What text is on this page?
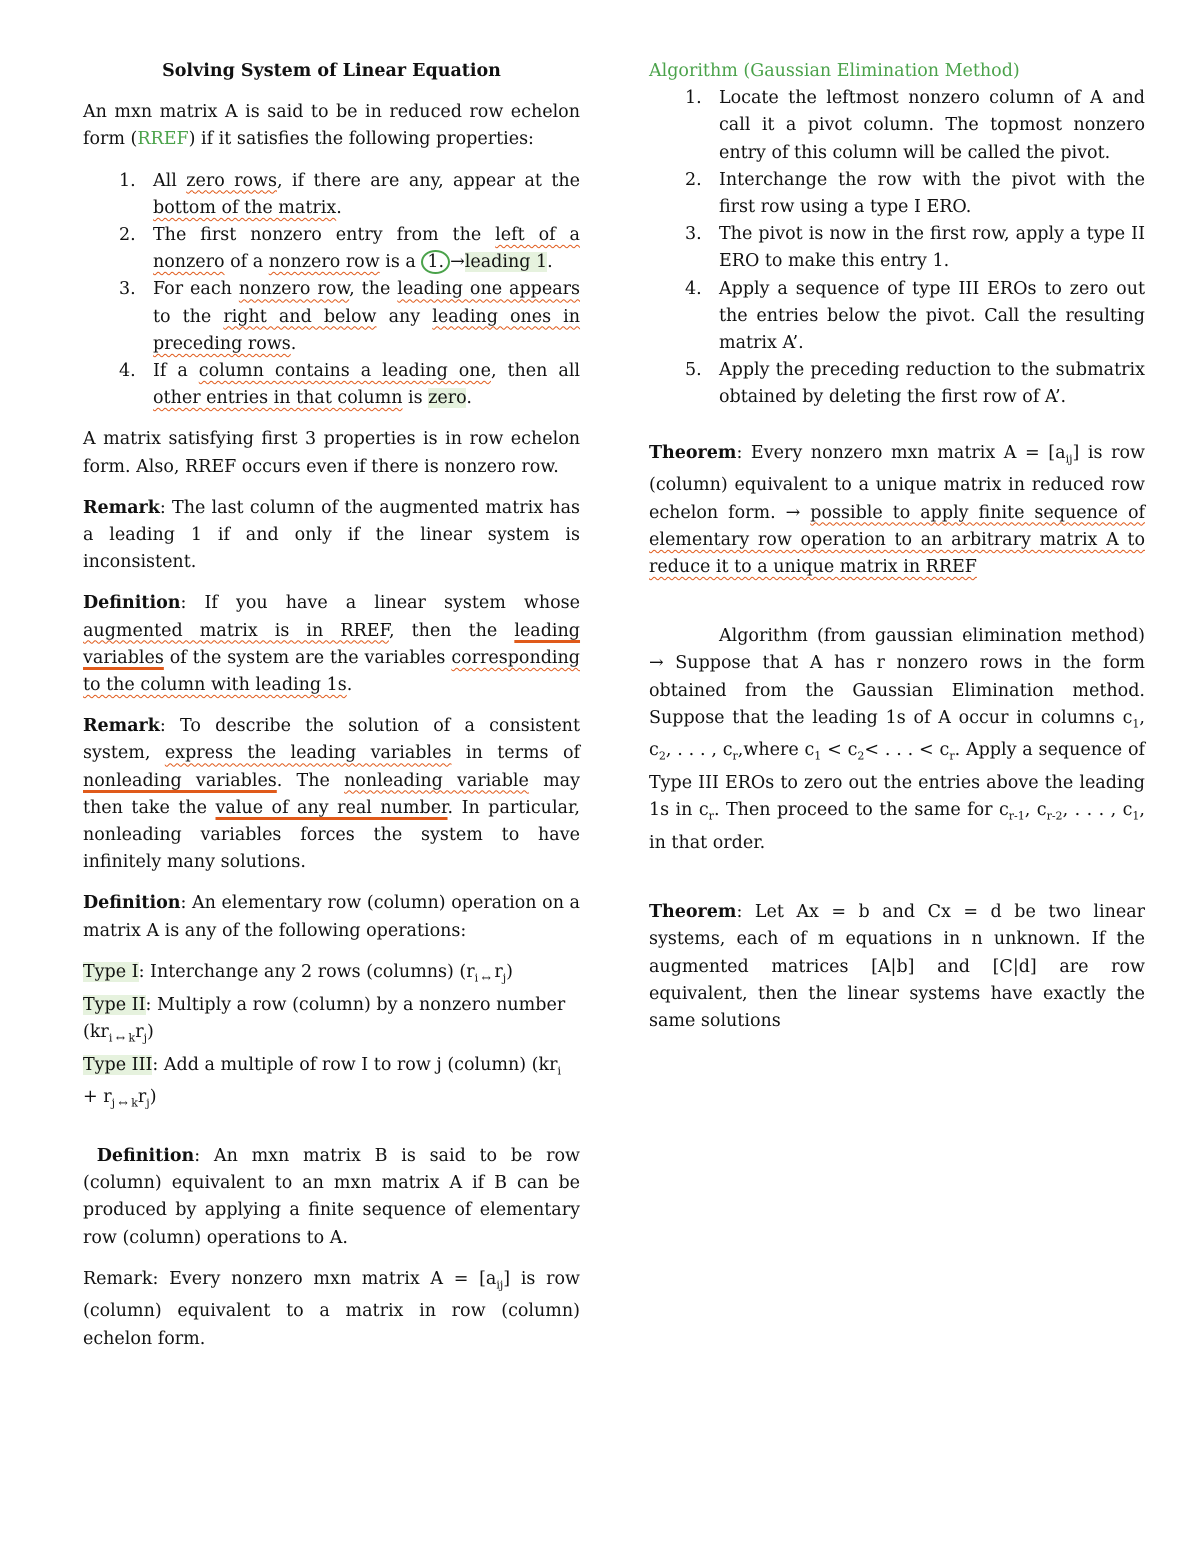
Solving System of Linear Equation

An mxn matrix A is said to be in reduced row echelon form (RREF) if it satisfies the following properties:

1. All zero rows, if there are any, appear at the bottom of the matrix.
2. The first nonzero entry from the left of a nonzero of a nonzero row is a 1. →leading 1.
3. For each nonzero row, the leading one appears to the right and below any leading ones in preceding rows.
4. If a column contains a leading one, then all other entries in that column is zero.

A matrix satisfying first 3 properties is in row echelon form. Also, RREF occurs even if there is nonzero row.

Remark: The last column of the augmented matrix has a leading 1 if and only if the linear system is inconsistent.

Definition: If you have a linear system whose augmented matrix is in RREF, then the leading variables of the system are the variables corresponding to the column with leading 1s.

Remark: To describe the solution of a consistent system, express the leading variables in terms of nonleading variables. The nonleading variable may then take the value of any real number. In particular, nonleading variables forces the system to have infinitely many solutions.

Definition: An elementary row (column) operation on a matrix A is any of the following operations:

Type I: Interchange any 2 rows (columns) ($r_{i \leftrightarrow}$ $r_j$)
Type II: Multiply a row (column) by a nonzero number $(kr_{i \leftrightarrow k}r_j)$
Type III: Add a multiple of row I to row j (column) $(kr_i + r_{j \leftrightarrow k}r_j)$

Definition: An mxn matrix B is said to be row (column) equivalent to an mxn matrix A if B can be produced by applying a finite sequence of elementary row (column) operations to A.

Remark: Every nonzero mxn matrix $A = [a_{ij}]$ is row (column) equivalent to a matrix in row (column) echelon form.

Algorithm (Gaussian Elimination Method)
1. Locate the leftmost nonzero column of A and call it a pivot column. The topmost nonzero entry of this column will be called the pivot.
2. Interchange the row with the pivot with the first row using a type I ERO.
3. The pivot is now in the first row, apply a type II ERO to make this entry 1.
4. Apply a sequence of type III EROs to zero out the entries below the pivot. Call the resulting matrix A’.
5. Apply the preceding reduction to the submatrix obtained by deleting the first row of A’.

Theorem: Every nonzero mxn matrix $A = [a_{ij}]$ is row (column) equivalent to a unique matrix in reduced row echelon form. → possible to apply finite sequence of elementary row operation to an arbitrary matrix A to reduce it to a unique matrix in RREF

Algorithm (from gaussian elimination method) → Suppose that A has r nonzero rows in the form obtained from the Gaussian Elimination method. Suppose that the leading 1s of A occur in columns $c_1$, $c_2$, . . . , $c_r,where$ $c_1 < c_2<$ . . . < $c_r$. Apply a sequence of Type III EROs to zero out the entries above the leading 1s in $c_r$. Then proceed to the same for $c_{r-1}$, $c_{r-2}$, . . . , $c_1$, in that order.

Theorem: Let Ax = b and Cx = d be two linear systems, each of m equations in n unknown. If the augmented matrices [A|b] and [C|d] are row equivalent, then the linear systems have exactly the same solutions
